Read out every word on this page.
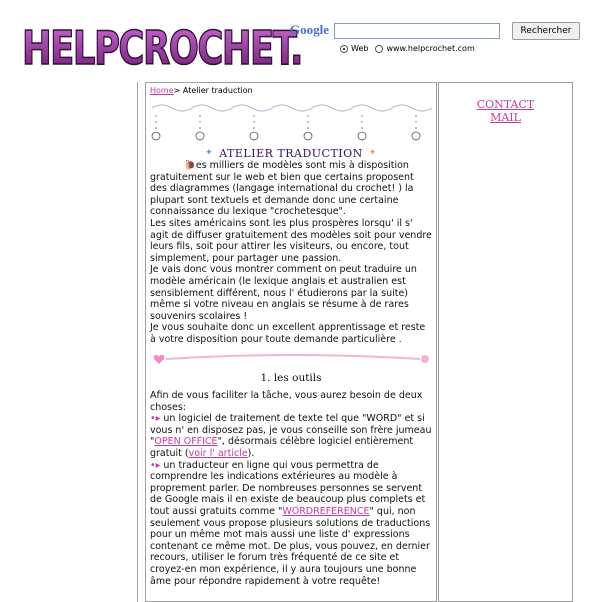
HELPCROCHET.
Google	Rechercher
Web www.helpcrochet.com
Home> Atelier traduction
✦ ATELIER TRADUCTION ✦

🐌es milliers de modèles sont mis à disposition gratuitement sur le web et bien que certains proposent des diagrammes (langage international du crochet! ) la plupart sont textuels et demande donc une certaine connaissance du lexique "crochetesque".

Les sites américains sont les plus prospères lorsqu' il s' agit de diffuser gratuitement des modèles soit pour vendre leurs fils, soit pour attirer les visiteurs, ou encore, tout simplement, pour partager une passion.

Je vais donc vous montrer comment on peut traduire un modèle américain (le lexique anglais et australien est sensiblement différent, nous l' étudierons par la suite) même si votre niveau en anglais se résume à de rares souvenirs scolaires !

Je vous souhaite donc un excellent apprentissage et reste à votre disposition pour toute demande particulière .

1. les outils

Afin de vous faciliter la tâche, vous aurez besoin de deux choses:

•▸ un logiciel de traitement de texte tel que "WORD" et si vous n' en disposez pas, je vous conseille son frère jumeau "OPEN OFFICE", désormais célèbre logiciel entièrement gratuit (voir l' article).

•▸ un traducteur en ligne qui vous permettra de comprendre les indications extérieures au modèle à proprement parler. De nombreuses personnes se servent de Google mais il en existe de beaucoup plus complets et tout aussi gratuits comme "WORDREFERENCE" qui, non seulement vous propose plusieurs solutions de traductions pour un même mot mais aussi une liste d' expressions contenant ce même mot. De plus, vous pouvez, en dernier recours, utiliser le forum très fréquenté de ce site et croyez-en mon expérience, il y aura toujours une bonne âme pour répondre rapidement à votre requête!

CONTACT
MAIL
